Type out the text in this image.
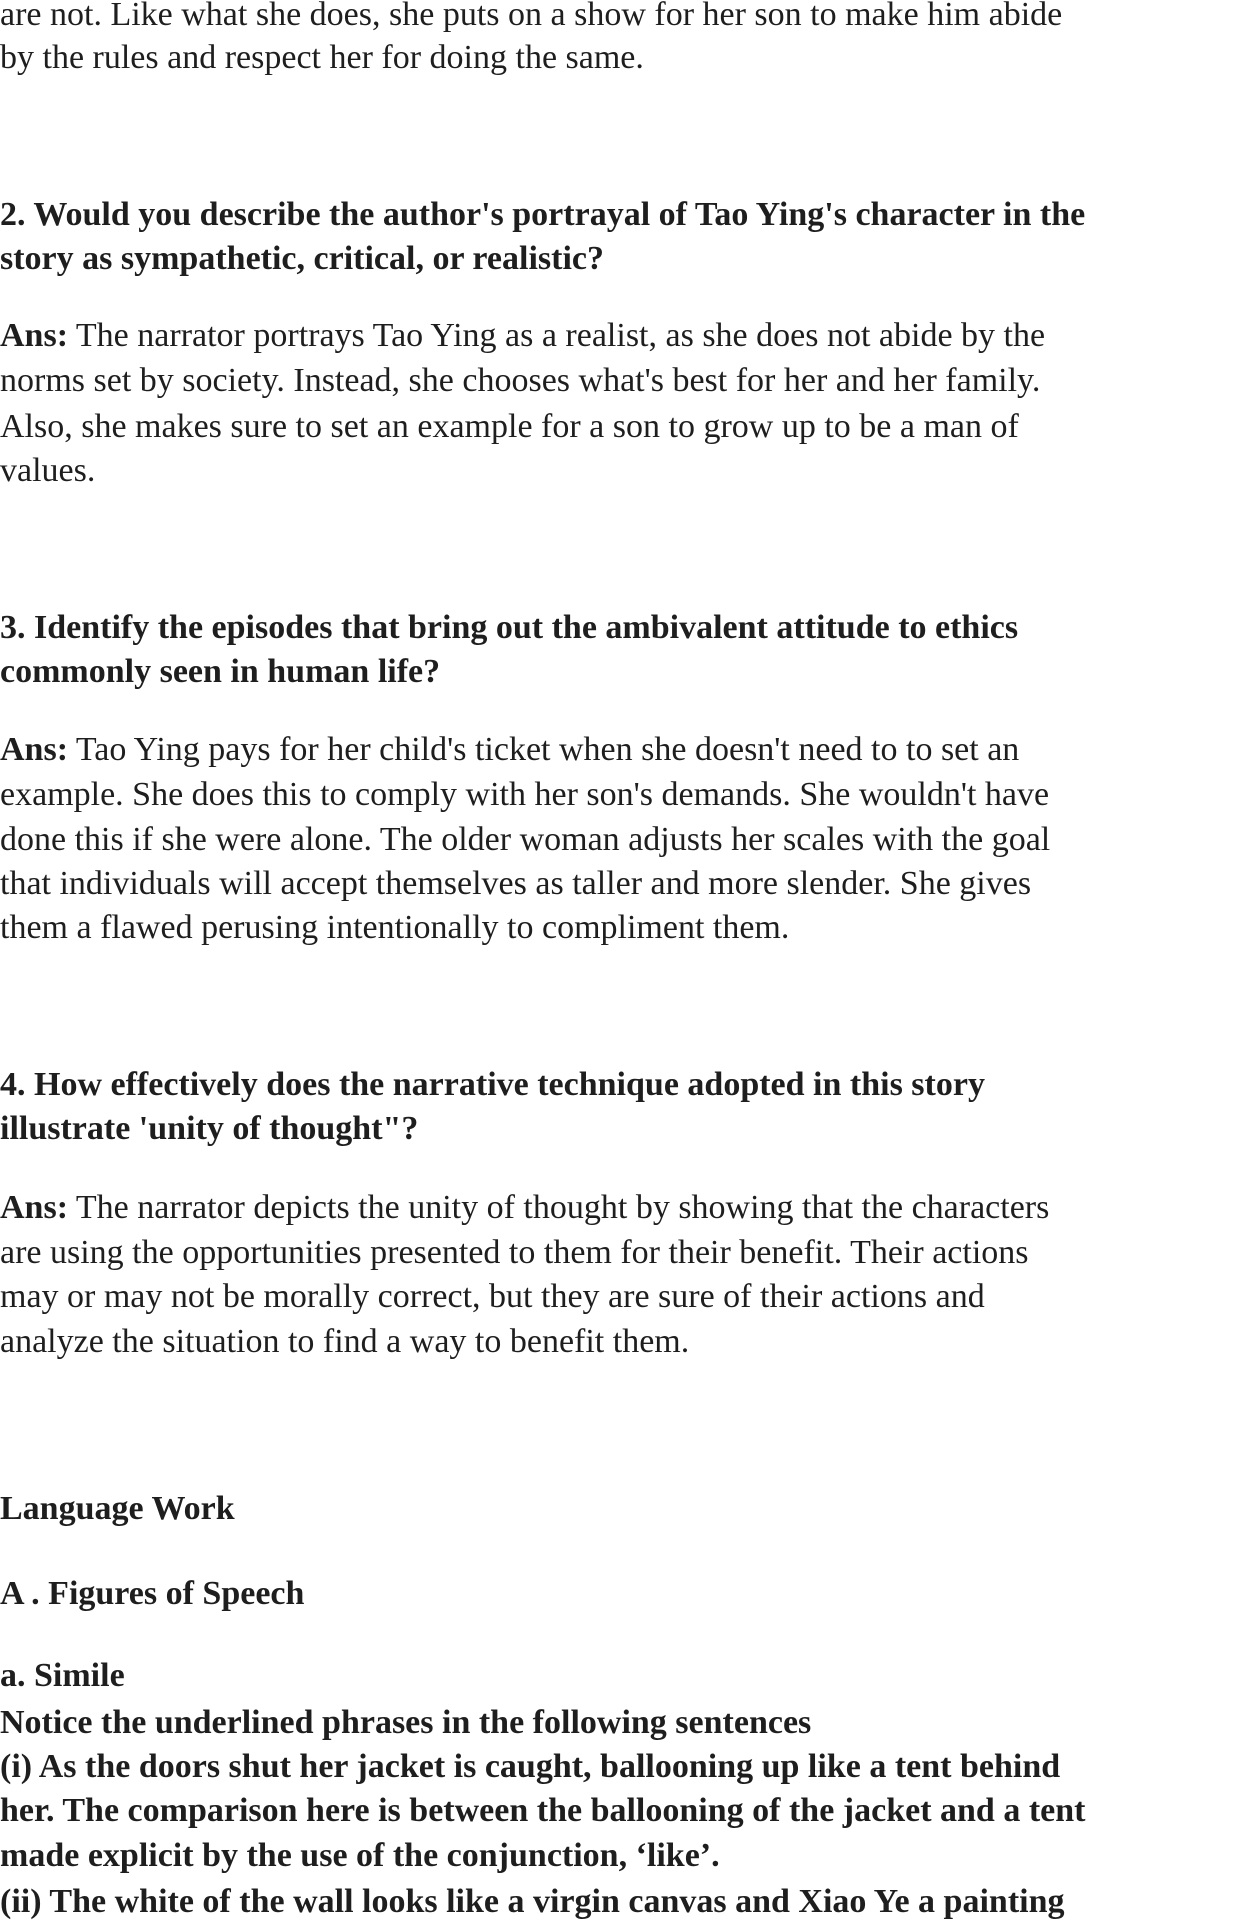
are not. Like what she does, she puts on a show for her son to make him abide
by the rules and respect her for doing the same.
2. Would you describe the author's portrayal of Tao Ying's character in the
story as sympathetic, critical, or realistic?
Ans: The narrator portrays Tao Ying as a realist, as she does not abide by the
norms set by society. Instead, she chooses what's best for her and her family.
Also, she makes sure to set an example for a son to grow up to be a man of
values.
3. Identify the episodes that bring out the ambivalent attitude to ethics
commonly seen in human life?
Ans: Tao Ying pays for her child's ticket when she doesn't need to to set an
example. She does this to comply with her son's demands. She wouldn't have
done this if she were alone. The older woman adjusts her scales with the goal
that individuals will accept themselves as taller and more slender. She gives
them a flawed perusing intentionally to compliment them.
4. How effectively does the narrative technique adopted in this story
illustrate 'unity of thought"?
Ans: The narrator depicts the unity of thought by showing that the characters
are using the opportunities presented to them for their benefit. Their actions
may or may not be morally correct, but they are sure of their actions and
analyze the situation to find a way to benefit them.
Language Work
A . Figures of Speech
a. Simile
Notice the underlined phrases in the following sentences
(i) As the doors shut her jacket is caught, ballooning up like a tent behind
her. The comparison here is between the ballooning of the jacket and a tent
made explicit by the use of the conjunction, ‘like’.
(ii) The white of the wall looks like a virgin canvas and Xiao Ye a painting
